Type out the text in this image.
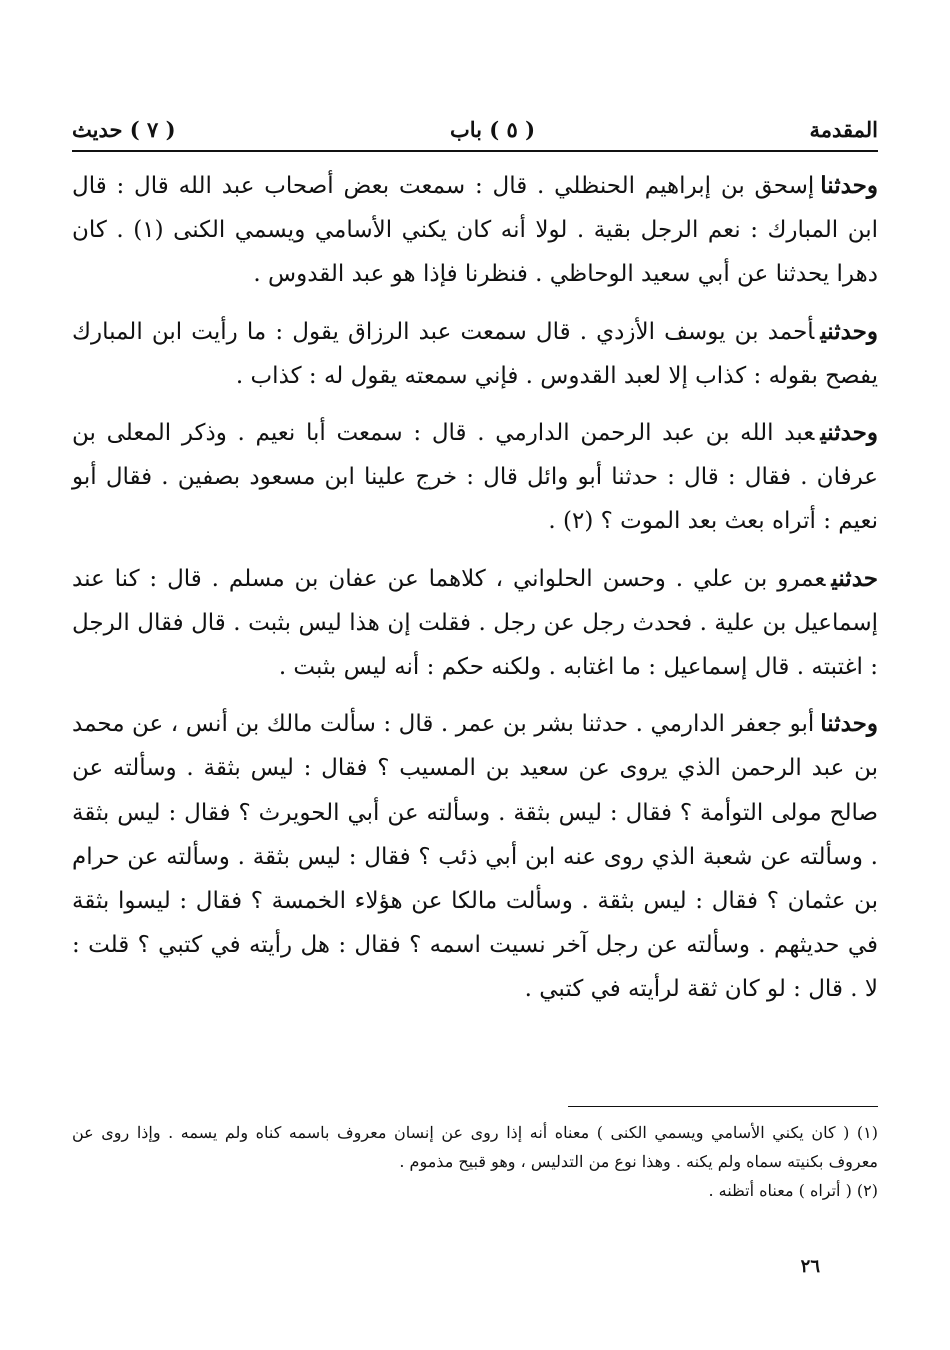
المقدمة
( ٥ ) باب
( ٧ ) حديث

وحدثناإسحق بن إبراهيم الحنظلي . قال : سمعت بعض أصحاب عبد الله قال : قال ابن المبارك : نعم الرجل بقية . لولا أنه كان يكني الأسامي ويسمي الكنى (١) . كان دهرا يحدثنا عن أبي سعيد الوحاظي . فنظرنا فإذا هو عبد القدوس .

وحدثنيأحمد بن يوسف الأزدي . قال سمعت عبد الرزاق يقول : ما رأيت ابن المبارك يفصح بقوله : كذاب إلا لعبد القدوس . فإني سمعته يقول له : كذاب .

وحدثنيعبد الله بن عبد الرحمن الدارمي . قال : سمعت أبا نعيم . وذكر المعلى بن عرفان . فقال : قال : حدثنا أبو وائل قال : خرج علينا ابن مسعود بصفين . فقال أبو نعيم : أتراه بعث بعد الموت ؟ (٢) .

حدثنيعمرو بن علي . وحسن الحلواني ، كلاهما عن عفان بن مسلم . قال : كنا عند إسماعيل بن علية . فحدث رجل عن رجل . فقلت إن هذا ليس بثبت . قال فقال الرجل : اغتبته . قال إسماعيل : ما اغتابه . ولكنه حكم : أنه ليس بثبت .

وحدثناأبو جعفر الدارمي . حدثنا بشر بن عمر . قال : سألت مالك بن أنس ، عن محمد بن عبد الرحمن الذي يروى عن سعيد بن المسيب ؟ فقال : ليس بثقة . وسألته عن صالح مولى التوأمة ؟ فقال : ليس بثقة . وسألته عن أبي الحويرث ؟ فقال : ليس بثقة . وسألته عن شعبة الذي روى عنه ابن أبي ذئب ؟ فقال : ليس بثقة . وسألته عن حرام بن عثمان ؟ فقال : ليس بثقة . وسألت مالكا عن هؤلاء الخمسة ؟ فقال : ليسوا بثقة في حديثهم . وسألته عن رجل آخر نسيت اسمه ؟ فقال : هل رأيته في كتبي ؟ قلت : لا . قال : لو كان ثقة لرأيته في كتبي .

(١) ( كان يكني الأسامي ويسمي الكنى ) معناه أنه إذا روى عن إنسان معروف باسمه كناه ولم يسمه . وإذا روى عن معروف بكنيته سماه ولم يكنه . وهذا نوع من التدليس ، وهو قبيح مذموم .

(٢) ( أتراه ) معناه أتظنه .

٢٦
